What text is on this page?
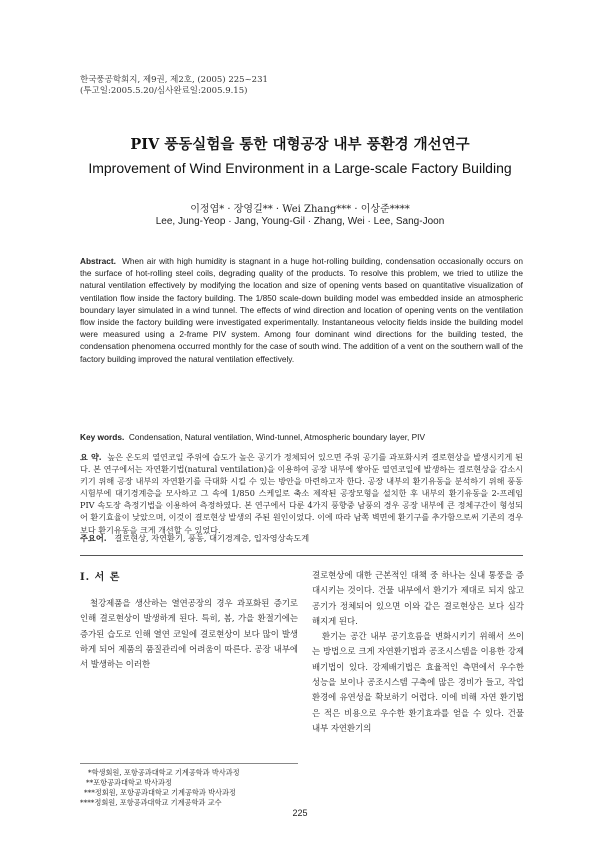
한국풍공학회지, 제9권, 제2호, (2005) 225~231
(투고일:2005.5.20/심사완료일:2005.9.15)
PIV 풍동실험을 통한 대형공장 내부 풍환경 개선연구
Improvement of Wind Environment in a Large-scale Factory Building
이정엽* · 장영길** · Wei Zhang*** · 이상준****
Lee, Jung-Yeop · Jang, Young-Gil · Zhang, Wei · Lee, Sang-Joon
Abstract. When air with high humidity is stagnant in a huge hot-rolling building, condensation occasionally occurs on the surface of hot-rolling steel coils, degrading quality of the products. To resolve this problem, we tried to utilize the natural ventilation effectively by modifying the location and size of opening vents based on quantitative visualization of ventilation flow inside the factory building. The 1/850 scale-down building model was embedded inside an atmospheric boundary layer simulated in a wind tunnel. The effects of wind direction and location of opening vents on the ventilation flow inside the factory building were investigated experimentally. Instantaneous velocity fields inside the building model were measured using a 2-frame PIV system. Among four dominant wind directions for the building tested, the condensation phenomena occurred monthly for the case of south wind. The addition of a vent on the southern wall of the factory building improved the natural ventilation effectively.
Key words. Condensation, Natural ventilation, Wind-tunnel, Atmospheric boundary layer, PIV
요 약. 높은 온도의 열연코일 주위에 습도가 높은 공기가 정체되어 있으면 주위 공기를 과포화시켜 결로현상을 발생시키게 된다. 본 연구에서는 자연환기법(natural ventilation)을 이용하여 공장 내부에 쌓아둔 열연코일에 발생하는 결로현상을 감소시키기 위해 공장 내부의 자연환기를 극대화 시킬 수 있는 방안을 마련하고자 한다. 공장 내부의 환기유동을 분석하기 위해 풍동 시험부에 대기경계층을 모사하고 그 속에 1/850 스케일로 축소 제작된 공장모형을 설치한 후 내부의 환기유동을 2-프레임 PIV 속도장 측정기법을 이용하여 측정하였다. 본 연구에서 다룬 4가지 풍향중 남풍의 경우 공장 내부에 큰 정체구간이 형성되어 환기효율이 낮았으며, 이것이 결로현상 발생의 주된 원인이었다. 이에 따라 남쪽 벽면에 환기구를 추가함으로써 기존의 경우보다 환기유동을 크게 개선할 수 있었다.
주요어. 결로현상, 자연환기, 풍동, 대기경계층, 입자영상속도계
Ⅰ. 서 론
철강제품을 생산하는 열연공장의 경우 과포화된 증기로 인해 결로현상이 발생하게 된다. 특히, 봄, 가을 환절기에는 증가된 습도로 인해 열연 코일에 결로현상이 보다 많이 발생하게 되어 제품의 품질관리에 어려움이 따른다. 공장 내부에서 발생하는 이러한

결로현상에 대한 근본적인 대책 중 하나는 실내 통풍을 증대시키는 것이다. 건물 내부에서 환기가 제대로 되지 않고 공기가 정체되어 있으면 이와 같은 결로현상은 보다 심각해지게 된다.

환기는 공간 내부 공기흐름을 변화시키기 위해서 쓰이는 방법으로 크게 자연환기법과 공조시스템을 이용한 강제배기법이 있다. 강제배기법은 효율적인 측면에서 우수한 성능을 보이나 공조시스템 구축에 많은 경비가 들고, 작업환경에 유연성을 확보하기 어렵다. 이에 비해 자연 환기법은 적은 비용으로 우수한 환기효과를 얻을 수 있다. 건물 내부 자연환기의

*학생회원, 포항공과대학교 기계공학과 박사과정
**포항공과대학교 박사과정
***정회원, 포항공과대학교 기계공학과 박사과정
****정회원, 포항공과대학교 기계공학과 교수
225
